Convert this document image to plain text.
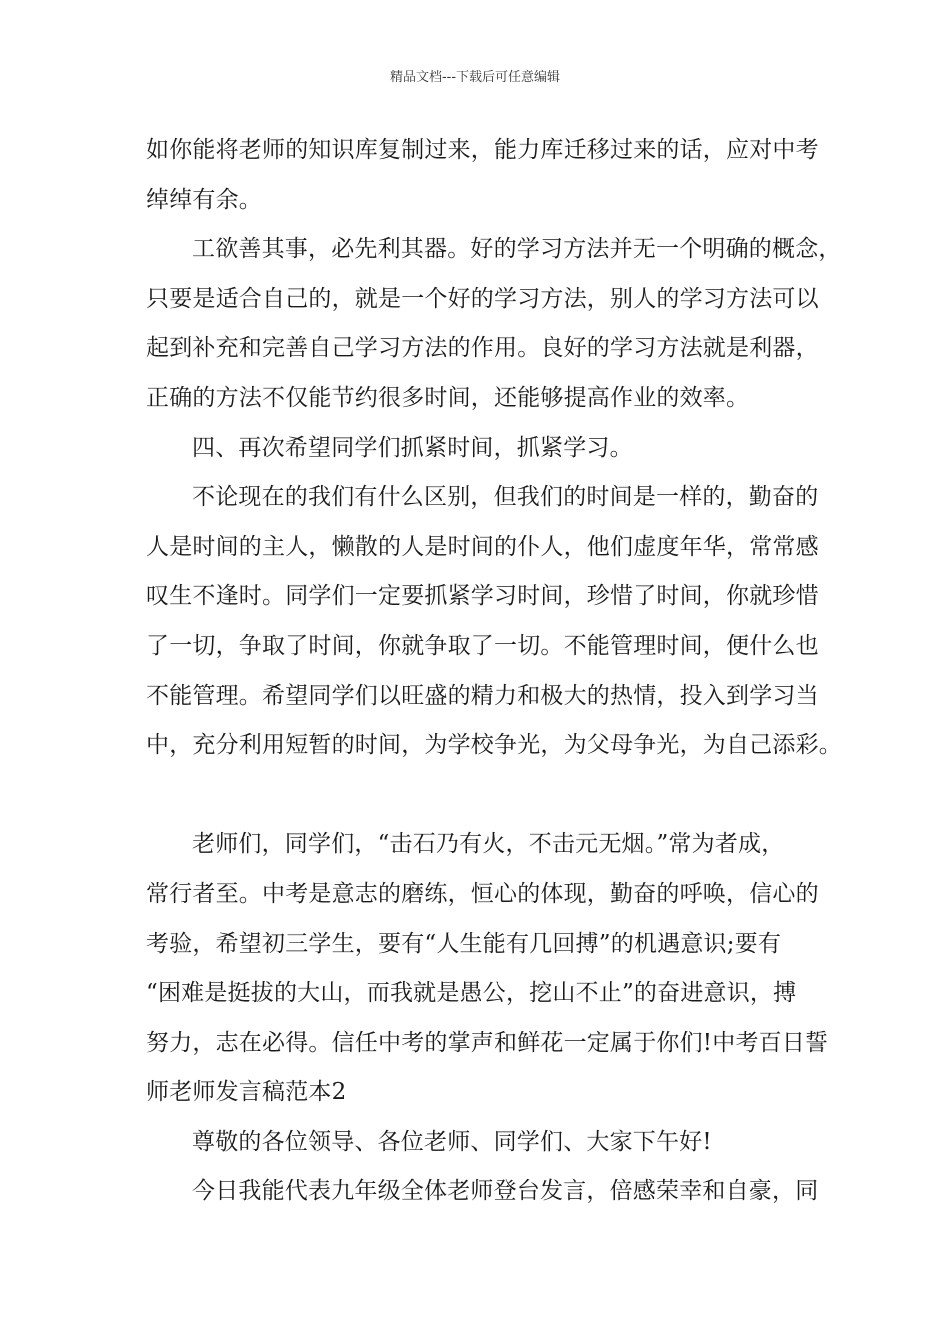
精品文档---下载后可任意编辑

如你能将老师的知识库复制过来，能力库迁移过来的话，应对中考

绰绰有余。

工欲善其事，必先利其器。好的学习方法并无一个明确的概念，

只要是适合自己的，就是一个好的学习方法，别人的学习方法可以

起到补充和完善自己学习方法的作用。良好的学习方法就是利器，

正确的方法不仅能节约很多时间，还能够提高作业的效率。

四、再次希望同学们抓紧时间，抓紧学习。

不论现在的我们有什么区别，但我们的时间是一样的，勤奋的

人是时间的主人，懒散的人是时间的仆人，他们虚度年华，常常感

叹生不逢时。同学们一定要抓紧学习时间，珍惜了时间，你就珍惜

了一切，争取了时间，你就争取了一切。不能管理时间，便什么也

不能管理。希望同学们以旺盛的精力和极大的热情，投入到学习当

中，充分利用短暂的时间，为学校争光，为父母争光，为自己添彩。

老师们，同学们，“击石乃有火，不击元无烟。”常为者成，

常行者至。中考是意志的磨练，恒心的体现，勤奋的呼唤，信心的

考验，希望初三学生，要有“人生能有几回搏”的机遇意识;要有

“困难是挺拔的大山，而我就是愚公，挖山不止”的奋进意识，搏

努力，志在必得。信任中考的掌声和鲜花一定属于你们!中考百日誓

师老师发言稿范本2

尊敬的各位领导、各位老师、同学们、大家下午好!

今日我能代表九年级全体老师登台发言，倍感荣幸和自豪，同
